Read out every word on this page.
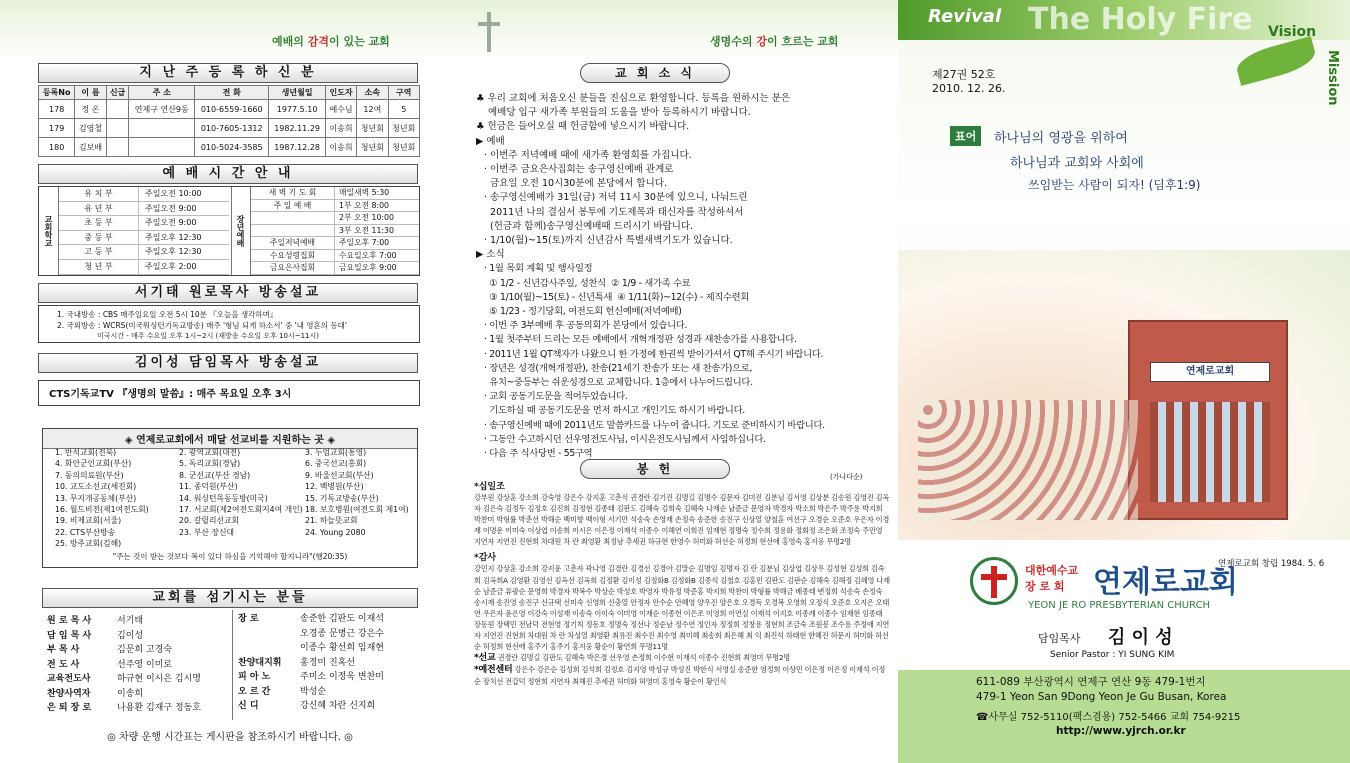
예배의 감격이 있는 교회
지 난 주 등 록 하 신 분
등록No	이 름	신급	주 소	전 화	생년월일	인도자	소속	구역
178	정 온		연제구 연산9동	010-6559-1660	1977.5.10	예수님	12여	5
179	김영철			010-7605-1312	1982.11.29	이송희	청년회	청년회
180	김보배			010-5024-3585	1987.12.28	이송희	청년회	청년회
예 배 시 간 안 내
교회학교
유 치 부	주일오전 10:00
유 년 부	주일오전 9:00
초 등 부	주일오전 9:00
중 등 부	주일오후 12:30
고 등 부	주일오후 12:30
청 년 부	주일오후 2:00
장년예배
새 벽 기 도 회	매일새벽 5:30
주 일 예 배	1부 오전 8:00
2부 오전 10:00
3부 오전 11:30
주일저녁예배	주일오후 7:00
수요성령집회	수요일오후 7:00
금요은사집회	금요일오후 9:00
서기태 원로목사 방송설교
1. 국내방송 : CBS 매주일요일 오전 5시 10분 『오늘을 생각하며』
2. 국외방송 : WCRS(미국워싱턴기독교방송) 매주 '형님 되게 하소서' 중 '내 영혼의 등대'
미국시간 - 매주 수요일 오후 1시~2시 (재방송 수요일 오후 10시~11시)
김이성 담임목사 방송설교
CTS기독교TV 『생명의 말씀』: 매주 목요일 오후 3시
◈ 연제로교회에서 매달 선교비를 지원하는 곳 ◈
1. 반석교회(전북)
4. 화안군인교회(부산)
7. 동의의료원(부산)
10. 교도소선교(세진회)
13. 무지개공동체(부산)
16. 월드비전(제1여전도회)
19. 비제교회(서울)
22. CTS부산방송
25. 방주교회(김해)
2. 광역교회(대전)
5. 독리교회(경남)
8. 군선교(부산 경남)
11. 종덕원(부산)
14. 워싱턴목동등방(미국)
17. 서교회(제2여전도회지4여 개인)
20. 갈릴리선교회
23. 부산 장신대
3. 두엄교회(통영)
6. 중국선교(홍회)
9. 바울선교회(부산)
12. 백병원(부산)
15. 기독교방송(부산)
18. 보호병원(여전도회 제1여)
21. 하늘뜻교회
24. Young 2080
"주는 것이 받는 것보다 복이 있다 하심을 기억해야 할지니라"(행20:35)
교회를 섬기시는 분들
원 로 목 사	서기태
담 임 목 사	김이성
부 목 사	김문희 고경숙
전 도 사	선주영 이미로
교육전도사	하규현 이시은 김시명
찬양사역자	이송희
은 퇴 장 로	나용환 김재구 정동호
장 로	송준한 김판도 이재석
오경종 문병근 강은수
이종수 황선희 임재현
찬양대지휘	홍정미 진혹선
피 아 노	주미소 이정욱 변찬미
오 르 간	박성순
신 디	강신혜 차란 신지희
◎ 차량 운행 시간표는 게시판을 참조하시기 바랍니다. ◎
생명수의 강이 흐르는 교회
교 회 소 식
♣ 우리 교회에 처음오신 분들을 진심으로 환영합니다. 등록을 원하시는 분은
예배당 입구 새가족 부원들의 도움을 받아 등록하시기 바랍니다.
♣ 헌금은 들어오실 때 헌금함에 넣으시기 바랍니다.
▶ 예배
· 이번주 저녁예배 때에 새가족 환영회를 가집니다.
· 이번주 금요은사집회는 송구영신예배 관계로
금요일 오전 10시30분에 본당에서 합니다.
· 송구영신예배가 31일(금) 저녁 11시 30분에 있으니, 나눠드린
2011년 나의 결심서 봉투에 기도제목과 태신자를 작성하셔서
(헌금과 함께)송구영신예배때 드리시기 바랍니다.
· 1/10(월)~15(토)까지 신년감사 특별새벽기도가 있습니다.
▶ 소식
· 1월 목회 계획 및 행사일정
① 1/2 - 신년감사주일, 성찬식  ② 1/9 - 새가족 수료
③ 1/10(월)~15(토) - 신년특새  ④ 1/11(화)~12(수) - 제직수련회
⑤ 1/23 - 정기당회, 여전도회 헌신예배(저녁예배)
· 이번 주 3부예배 후 공동의회가 본당에서 있습니다.
· 1월 첫주부터 드리는 모든 예배에서 개혁개정판 성경과 새찬송가를 사용합니다.
· 2011년 1월 QT책자가 나왔으니 한 가정에 한권씩 받아가셔서 QT해 주시기 바랍니다.
· 장년은 성경(개혁개정판), 찬송(21세기 찬송가 또는 새 찬송가)으로,
유치~중등부는 쉬운성경으로 교체합니다. 1층에서 나누어드립니다.
· 교회 공동기도문을 적어두었습니다.
기도하실 때 공동기도문을 먼저 하시고 개인기도 하시기 바랍니다.
· 송구영신예배 때에 2011년도 말씀카드를 나누어 줍니다. 기도로 준비하시기 바랍니다.
· 그동안 수고하시던 선우영전도사님, 이시은전도사님께서 사임하십니다.
· 다음 주 식사당번 - 55구역
봉 헌
(가나다순)
*십일조
강부원 강상훈 강소희 강숙영 강은수 강지훈 고춘식 권경란 김기진 김명길 김명수 김문자 김미진 김분님 김서영 김상분 김송원 김영진 김옥자 김은숙 김정두 김정호 김진희 김정현 김종태 김판도 김혜숙 김희숙 김혜숙 나재순 남준금 문영자 박경자 박소희 박은주 박주용 박지희 박찬미 박형률 박춘선 박해순 백미향 백이형 서기만 석송숙 손영재 손정숙 송준한 송진구 신상열 양철훈 여선구 오경순 오준호 우은자 이경재 이명운 이미숙 이상엽 이송희 이시은 이은정 이재석 이종수 이해연 이희진 임재현 정명숙 정수희 정용화 정회정 조은화 조정숙 주민영 지연자 지연진 진현희 차대원 차 란 최영환 최정남 추세권 하규현 한영수 허미화 허선순 허정희 현선애 홍영숙 홍지웅 무명2명
*감사
강민지 강상훈 강소희 강지윤 고춘자 곽나영 김경란 김경선 김경아 김말순 김명임 김명자 김 란 김분님 김상엽 김상우 김성현 김성희 김숙희 김옥희A 김영환 김영선 김옥선 김옥희 김정환 김이성 김정화B 김정화B 김종석 김철호 김홍민 김판도 김판순 김해숙 김해정 김혜영 나재순 남준금 류광순 문영희 박경자 박복수 박상순 박성호 박영자 박유정 박준홍 박지희 박찬미 박형률 박해금 배종태 변정희 석송숙 손정숙 송시재 송진영 송진구 신규택 신미숙 신영희 신충열 안정자 안수순 안혜영 양우진 양은호 오경득 오경복 오영희 오정식 오준호 오지은 오태연 우은자 윤은영 이강숙 이성재 이송숙 이이숙 이미영 이재순 이종헌 이은조 이영희 이연실 이재석 이지호 이종례 이종수 임재현 임종태 장동원 장택민 전남덕 전현영 정기칙 정동호 정명숙 정선나 정순남 정수연 정인자 정정희 정창용 정현희 조금숙 조원봉 조수용 주정애 지연자 지연진 진현희 차대원 차 란 차성열 최영환 최유진 최수진 최수영 최미혜 최송희 최은혜 최 익 최진석 하태현 한혜진 허문지 허미화 허선순 허정희 현선애 홍주기 홍주기 홍지웅 황순이 황연희 무명11명
*선교 권경란 김명길 김판도 김혜숙 박은경 선우영 손정희 이수현 이재석 이종수 진현희 최영미 무명2명
*예전센터 강은수 강은순 김성희 김석희 김정호 김지영 박성규 박성진 박한식 서영실 송준한 염정희 이상민 이은정 이은정 이재석 이정순 장치선 전갑덕 정현희 지연자 최해진 추세권 허미화 허영미 홍영숙 황순이 황인식
Revival The Holy Fire Vision
Mission
제27권 52호
2010. 12. 26.
표어	하나님의 영광을 위하여
하나님과 교회와 사회에
쓰임받는 사람이 되자! (딤후1:9)
연제로교회
연제로교회 창립 1984. 5. 6
대한예수교
장 로 회 연제로교회
YEON JE RO PRESBYTERIAN CHURCH
담임목사 김 이 성
Senior Pastor : YI SUNG KIM
611-089 부산광역시 연제구 연산 9동 479-1번지
479-1 Yeon San 9Dong Yeon Je Gu Busan, Korea
☎사무실 752-5110(팩스겸용) 752-5466 교회 754-9215
http://www.yjrch.or.kr
